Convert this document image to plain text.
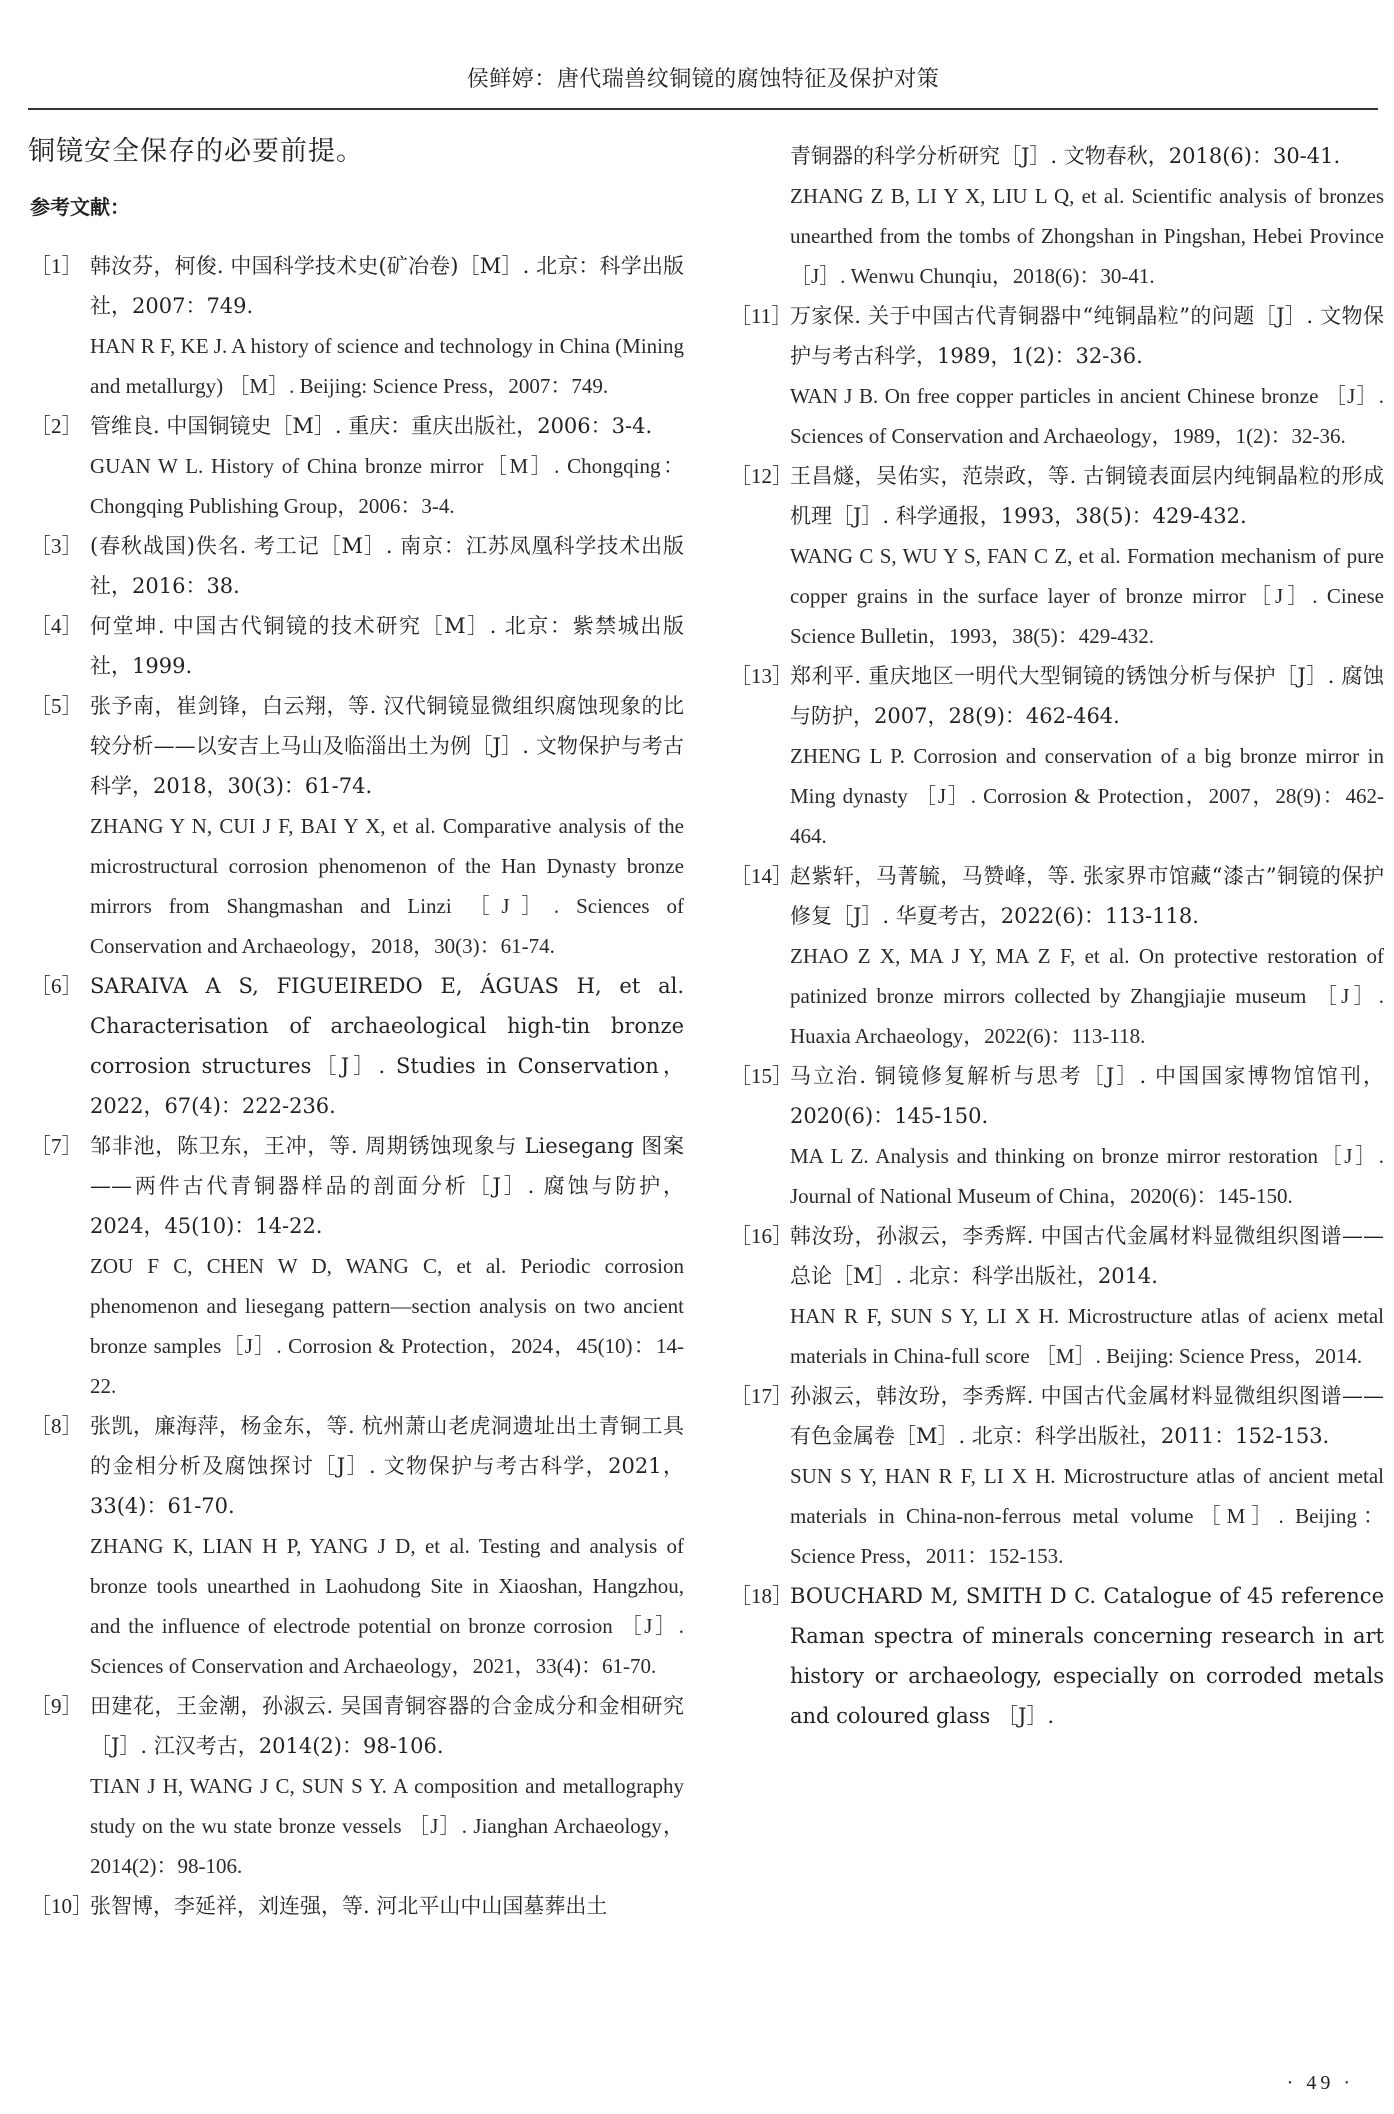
侯鲜婷：唐代瑞兽纹铜镜的腐蚀特征及保护对策

铜镜安全保存的必要前提。

参考文献：
［1］ 韩汝芬，柯俊. 中国科学技术史(矿冶卷)［M］. 北京：科学出版社，2007：749.

HAN R F, KE J. A history of science and technology in China (Mining and metallurgy) ［M］. Beijing: Science Press，2007：749.

［2］ 管维良. 中国铜镜史［M］. 重庆：重庆出版社，2006：3-4.

GUAN W L. History of China bronze mirror［M］. Chongqing：Chongqing Publishing Group，2006：3-4.

［3］ (春秋战国)佚名. 考工记［M］. 南京：江苏凤凰科学技术出版社，2016：38.

［4］ 何堂坤. 中国古代铜镜的技术研究［M］. 北京：紫禁城出版社，1999.

［5］ 张予南，崔剑锋，白云翔，等. 汉代铜镜显微组织腐蚀现象的比较分析——以安吉上马山及临淄出土为例［J］. 文物保护与考古科学，2018，30(3)：61-74.

ZHANG Y N, CUI J F, BAI Y X, et al. Comparative analysis of the microstructural corrosion phenomenon of the Han Dynasty bronze mirrors from Shangmashan and Linzi ［J］. Sciences of Conservation and Archaeology，2018，30(3)：61-74.

［6］ SARAIVA A S, FIGUEIREDO E, ÁGUAS H, et al. Characterisation of archaeological high-tin bronze corrosion structures［J］. Studies in Conservation，2022，67(4)：222-236.

［7］ 邹非池，陈卫东，王冲，等. 周期锈蚀现象与 Liesegang 图案——两件古代青铜器样品的剖面分析［J］. 腐蚀与防护，2024，45(10)：14-22.

ZOU F C, CHEN W D, WANG C, et al. Periodic corrosion phenomenon and liesegang pattern—section analysis on two ancient bronze samples［J］. Corrosion & Protection，2024，45(10)：14-22.

［8］ 张凯，廉海萍，杨金东，等. 杭州萧山老虎洞遗址出土青铜工具的金相分析及腐蚀探讨［J］. 文物保护与考古科学，2021，33(4)：61-70.

ZHANG K, LIAN H P, YANG J D, et al. Testing and analysis of bronze tools unearthed in Laohudong Site in Xiaoshan, Hangzhou, and the influence of electrode potential on bronze corrosion ［J］. Sciences of Conservation and Archaeology，2021，33(4)：61-70.

［9］ 田建花，王金潮，孙淑云. 吴国青铜容器的合金成分和金相研究［J］. 江汉考古，2014(2)：98-106.

TIAN J H, WANG J C, SUN S Y. A composition and metallography study on the wu state bronze vessels ［J］. Jianghan Archaeology，2014(2)：98-106.

［10］

张智博，李延祥，刘连强，等. 河北平山中山国墓葬出土

青铜器的科学分析研究［J］. 文物春秋，2018(6)：30-41.

ZHANG Z B, LI Y X, LIU L Q, et al. Scientific analysis of bronzes unearthed from the tombs of Zhongshan in Pingshan, Hebei Province［J］. Wenwu Chunqiu，2018(6)：30-41.

［11］

万家保. 关于中国古代青铜器中“纯铜晶粒”的问题［J］. 文物保护与考古科学，1989，1(2)：32-36.

WAN J B. On free copper particles in ancient Chinese bronze ［J］. Sciences of Conservation and Archaeology，1989，1(2)：32-36.

［12］

王昌燧，吴佑实，范崇政，等. 古铜镜表面层内纯铜晶粒的形成机理［J］. 科学通报，1993，38(5)：429-432.

WANG C S, WU Y S, FAN C Z, et al. Formation mechanism of pure copper grains in the surface layer of bronze mirror［J］. Cinese Science Bulletin，1993，38(5)：429-432.

［13］

郑利平. 重庆地区一明代大型铜镜的锈蚀分析与保护［J］. 腐蚀与防护，2007，28(9)：462-464.

ZHENG L P. Corrosion and conservation of a big bronze mirror in Ming dynasty ［J］. Corrosion & Protection，2007，28(9)：462-464.

［14］

赵紫轩，马菁毓，马赞峰，等. 张家界市馆藏“漆古”铜镜的保护修复［J］. 华夏考古，2022(6)：113-118.

ZHAO Z X, MA J Y, MA Z F, et al. On protective restoration of patinized bronze mirrors collected by Zhangjiajie museum ［J］. Huaxia Archaeology，2022(6)：113-118.

［15］

马立治. 铜镜修复解析与思考［J］. 中国国家博物馆馆刊，2020(6)：145-150.

MA L Z. Analysis and thinking on bronze mirror restoration［J］. Journal of National Museum of China，2020(6)：145-150.

［16］

韩汝玢，孙淑云，李秀辉. 中国古代金属材料显微组织图谱——总论［M］. 北京：科学出版社，2014.

HAN R F, SUN S Y, LI X H. Microstructure atlas of acienx metal materials in China-full score ［M］. Beijing: Science Press，2014.

［17］

孙淑云，韩汝玢，李秀辉. 中国古代金属材料显微组织图谱——有色金属卷［M］. 北京：科学出版社，2011：152-153.

SUN S Y, HAN R F, LI X H. Microstructure atlas of ancient metal materials in China-non-ferrous metal volume［M］. Beijing：Science Press，2011：152-153.

［18］

BOUCHARD M, SMITH D C. Catalogue of 45 reference Raman spectra of minerals concerning research in art history or archaeology, especially on corroded metals and coloured glass ［J］.

· 49 ·
